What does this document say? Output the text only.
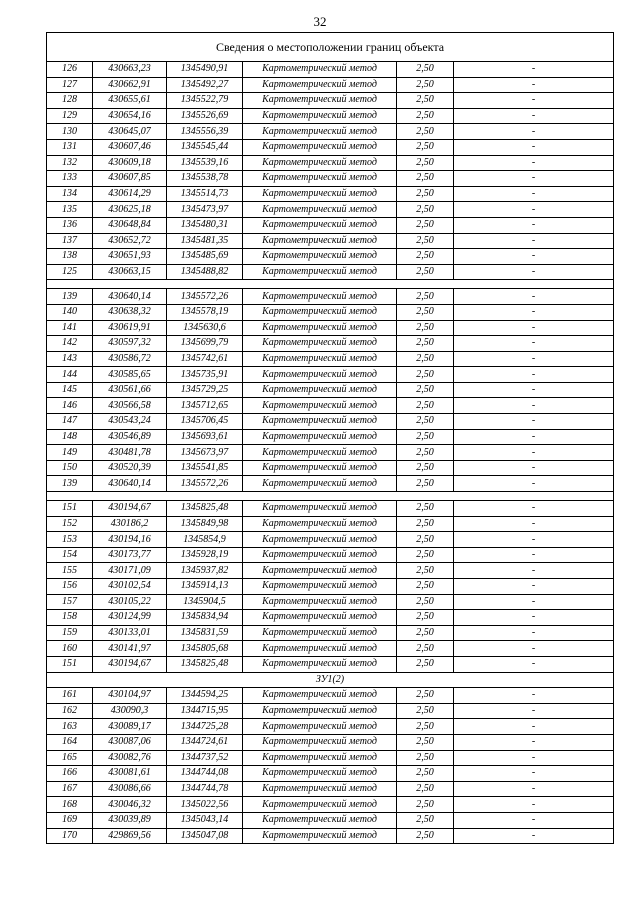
32
Сведения о местоположении границ объекта					
126	430663,23	1345490,91	Картометрический метод	2,50	-
127	430662,91	1345492,27	Картометрический метод	2,50	-
128	430655,61	1345522,79	Картометрический метод	2,50	-
129	430654,16	1345526,69	Картометрический метод	2,50	-
130	430645,07	1345556,39	Картометрический метод	2,50	-
131	430607,46	1345545,44	Картометрический метод	2,50	-
132	430609,18	1345539,16	Картометрический метод	2,50	-
133	430607,85	1345538,78	Картометрический метод	2,50	-
134	430614,29	1345514,73	Картометрический метод	2,50	-
135	430625,18	1345473,97	Картометрический метод	2,50	-
136	430648,84	1345480,31	Картометрический метод	2,50	-
137	430652,72	1345481,35	Картометрический метод	2,50	-
138	430651,93	1345485,69	Картометрический метод	2,50	-
125	430663,15	1345488,82	Картометрический метод	2,50	-

139	430640,14	1345572,26	Картометрический метод	2,50	-
140	430638,32	1345578,19	Картометрический метод	2,50	-
141	430619,91	1345630,6	Картометрический метод	2,50	-
142	430597,32	1345699,79	Картометрический метод	2,50	-
143	430586,72	1345742,61	Картометрический метод	2,50	-
144	430585,65	1345735,91	Картометрический метод	2,50	-
145	430561,66	1345729,25	Картометрический метод	2,50	-
146	430566,58	1345712,65	Картометрический метод	2,50	-
147	430543,24	1345706,45	Картометрический метод	2,50	-
148	430546,89	1345693,61	Картометрический метод	2,50	-
149	430481,78	1345673,97	Картометрический метод	2,50	-
150	430520,39	1345541,85	Картометрический метод	2,50	-
139	430640,14	1345572,26	Картометрический метод	2,50	-

151	430194,67	1345825,48	Картометрический метод	2,50	-
152	430186,2	1345849,98	Картометрический метод	2,50	-
153	430194,16	1345854,9	Картометрический метод	2,50	-
154	430173,77	1345928,19	Картометрический метод	2,50	-
155	430171,09	1345937,82	Картометрический метод	2,50	-
156	430102,54	1345914,13	Картометрический метод	2,50	-
157	430105,22	1345904,5	Картометрический метод	2,50	-
158	430124,99	1345834,94	Картометрический метод	2,50	-
159	430133,01	1345831,59	Картометрический метод	2,50	-
160	430141,97	1345805,68	Картометрический метод	2,50	-
151	430194,67	1345825,48	Картометрический метод	2,50	-
ЗУ1(2)					
161	430104,97	1344594,25	Картометрический метод	2,50	-
162	430090,3	1344715,95	Картометрический метод	2,50	-
163	430089,17	1344725,28	Картометрический метод	2,50	-
164	430087,06	1344724,61	Картометрический метод	2,50	-
165	430082,76	1344737,52	Картометрический метод	2,50	-
166	430081,61	1344744,08	Картометрический метод	2,50	-
167	430086,66	1344744,78	Картометрический метод	2,50	-
168	430046,32	1345022,56	Картометрический метод	2,50	-
169	430039,89	1345043,14	Картометрический метод	2,50	-
170	429869,56	1345047,08	Картометрический метод	2,50	-
